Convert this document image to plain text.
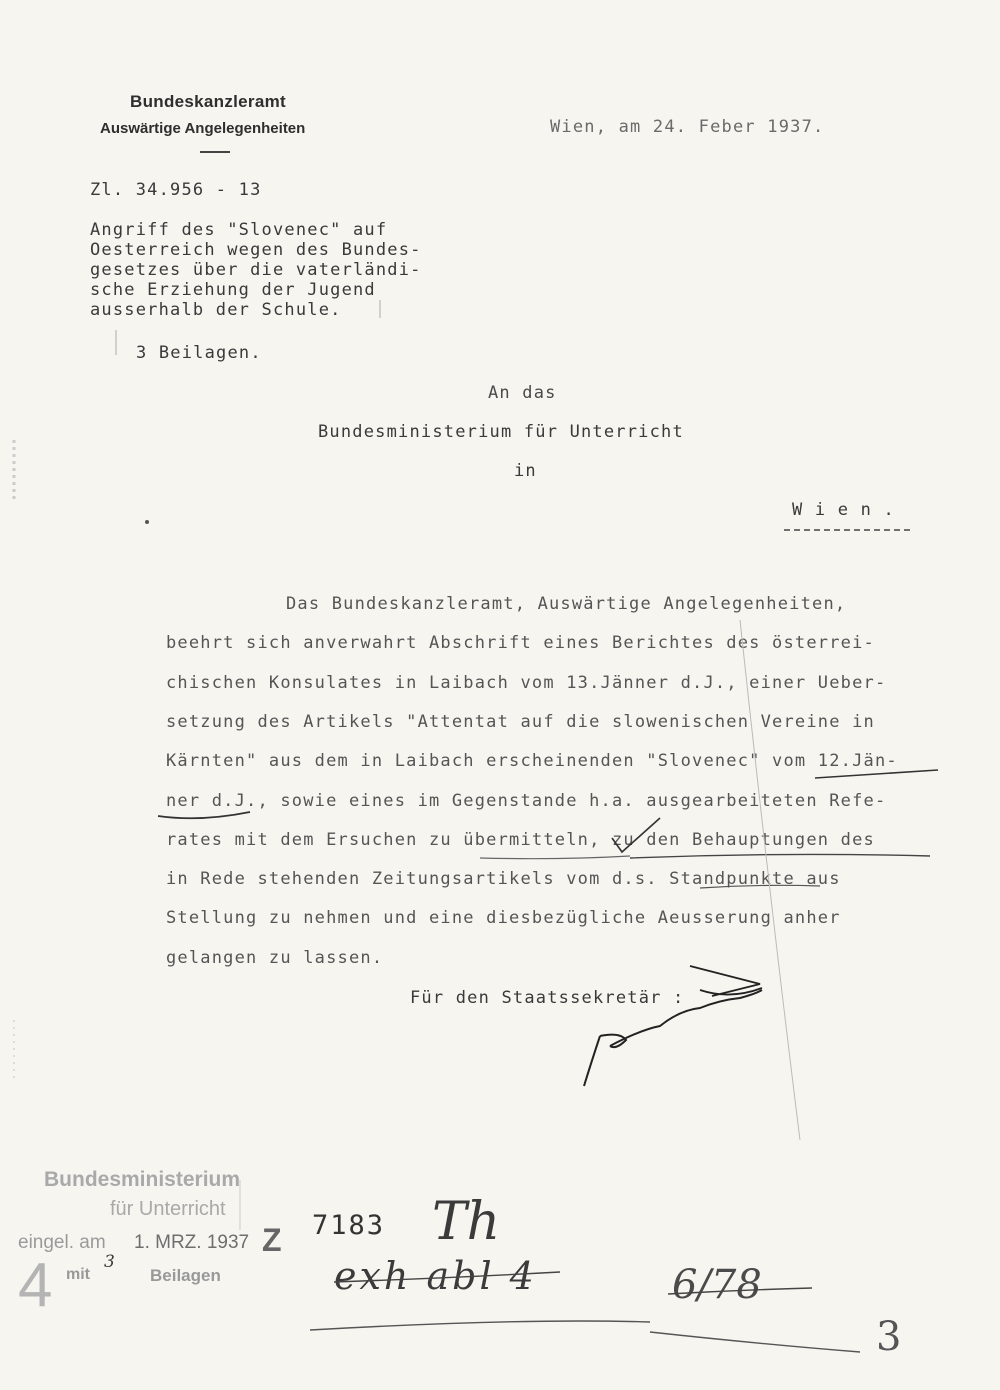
Bundeskanzleramt
Auswärtige Angelegenheiten	Wien, am 24. Feber 1937.
Zl. 34.956 - 13
Angriff des "Slovenec" auf
Oesterreich wegen des Bundes-
gesetzes über die vaterländi-
sche Erziehung der Jugend
ausserhalb der Schule.
3 Beilagen.
An das
Bundesministerium für Unterricht
in
W i e n .
Das Bundeskanzleramt, Auswärtige Angelegenheiten,
beehrt sich anverwahrt Abschrift eines Berichtes des österrei-
chischen Konsulates in Laibach vom 13.Jänner d.J., einer Ueber-
setzung des Artikels "Attentat auf die slowenischen Vereine in
Kärnten" aus dem in Laibach erscheinenden "Slovenec" vom 12.Jän-
ner d.J., sowie eines im Gegenstande h.a. ausgearbeiteten Refe-
rates mit dem Ersuchen zu übermitteln, zu den Behauptungen des
in Rede stehenden Zeitungsartikels vom d.s. Standpunkte aus
Stellung zu nehmen und eine diesbezügliche Aeusserung anher
gelangen zu lassen.
Für den Staatssekretär :
Bundesministerium
für Unterricht
eingel. am 1. MRZ. 1937
4 mit
3
Beilagen
Z 7183 Th
exh abl 4	6/78
3
